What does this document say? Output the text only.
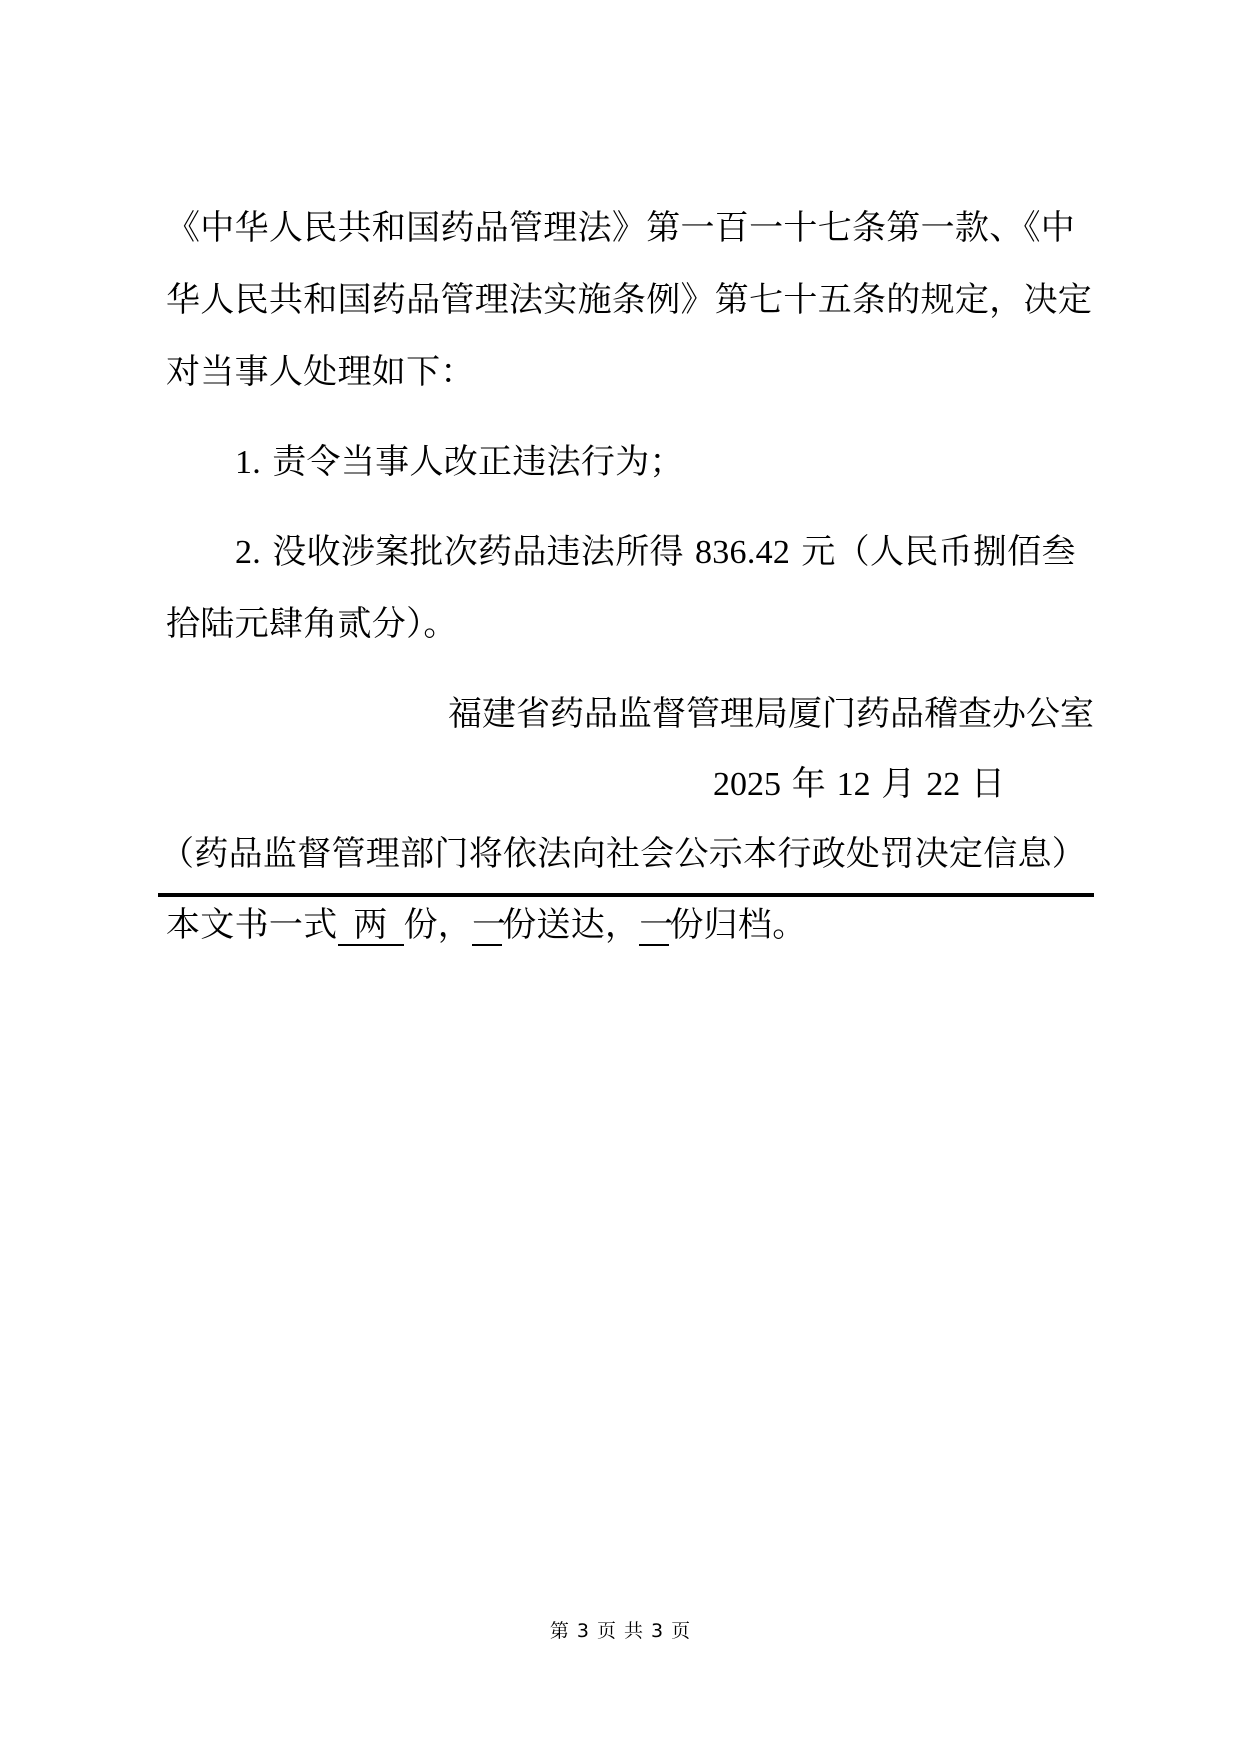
《中华人民共和国药品管理法》第一百一十七条第一款、《中
华人民共和国药品管理法实施条例》第七十五条的规定，决定
对当事人处理如下：
1. 责令当事人改正违法行为；
2. 没收涉案批次药品违法所得 836.42 元（人民币捌佰叁
拾陆元肆角贰分）。
福建省药品监督管理局厦门药品稽查办公室
2025 年 12 月 22 日
（药品监督管理部门将依法向社会公示本行政处罚决定信息）
本文书一式 两 份，一份送达，一份归档。
第 3 页 共 3 页
